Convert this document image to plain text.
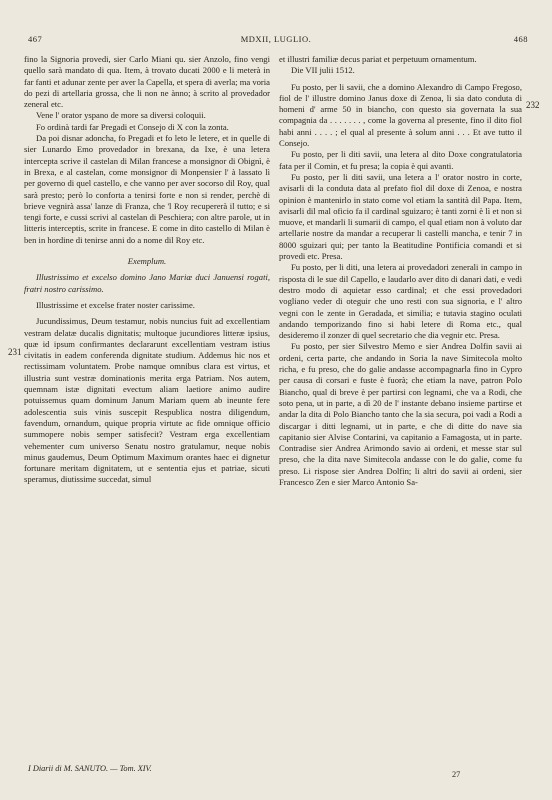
467	MDXII, LUGLIO.	468
231
232

fino la Signoria provedi, sier Carlo Miani qu. sier Anzolo, fino vengi quello sarà mandato di qua. Item, à trovato ducati 2000 e li meterà in far fanti et adunar zente per aver la Capella, et spera di averla; ma voria do pezi di artellaria grossa, che li non ne ànno; à scrito al provedador zeneral etc.

Vene l' orator yspano de more sa diversi coloquii.

Fo ordinà tardi far Pregadi et Consejo di X con la zonta.

Da poi disnar adoncha, fo Pregadi et fo leto le letere, et in quelle di sier Lunardo Emo provedador in brexana, da Ixe, è una letera intercepta scrive il castelan di Milan francese a monsignor di Obignì, è in Brexa, e al castelan, come monsignor di Monpensier l' à lassato lì per governo di quel castello, e che vanno per aver socorso dil Roy, qual sarà presto; però lo conforta a tenirsi forte e non si render, perchè di brieve vegnirà assa' lanze di Franza, che 'l Roy recupererà il tutto; e si tengi forte, e cussi scrivi al castelan di Peschiera; con altre parole, ut in litteris interceptis, scrite in francese. E come in dito castello di Milan è ben in hordine di tenirse anni do a nome dil Roy etc.

Exemplum.

Illustrissimo et excelso domino Jano Mariæ duci Januensi rogati, fratri nostro carissimo.

Illustrissime et excelse frater noster carissime.

Jucundissimus, Deum testamur, nobis nuncius fuit ad excellentiam vestram delatæ ducalis dignitatis; multoque jucundiores litteræ ipsius, quæ id ipsum confirmantes declararunt excellentiam vestram istius civitatis in eadem conferenda dignitate studium. Addemus hic nos et rectissimam voluntatem. Probe namque omnibus clara est virtus, et illustria sunt vestræ dominationis merita erga Patriam. Nos autem, quemnam istæ dignitati evectum aliam laetiore animo audire potuissemus quam dominum Janum Mariam quem ab ineunte fere adolescentia suis vinis suscepit Respublica nostra diligendum, favendum, ornandum, quique propria virtute ac fide omnique officio summopere nobis semper satisfecit? Vestram erga excellentiam vehementer cum universo Senatu nostro gratulamur, neque nobis minus gaudemus, Deum Optimum Maximum orantes haec ei dignetur fortunare meritam dignitatem, ut e sententia ejus et patriae, sicuti speramus, diutissime succedat, simul

et illustri familiæ decus pariat et perpetuum ornamentum.

Die VII julii 1512.

Fu posto, per li savii, che a domino Alexandro di Campo Fregoso, fiol de l' illustre domino Janus doxe di Zenoa, li sia dato conduta di homeni d' arme 50 in biancho, con questo sia governata la sua compagnia da . . . . . . . , come la governa al presente, fino il dito fiol habi anni . . . . ; el qual al presente à solum anni . . . Et ave tutto il Consejo.

Fu posto, per li diti savii, una letera al dito Doxe congratulatoria fata per il Comin, et fu presa; la copia è qui avanti.

Fu posto, per li diti savii, una letera a l' orator nostro in corte, avisarli di la conduta data al prefato fiol dil doxe di Zenoa, e nostra opinion è mantenirlo in stato come vol etiam la santità dil Papa. Item, avisarli dil mal oficio fa il cardinal sguizaro; è tanti zorni è lì et non si muove, et mandarli li sumarii di campo, el qual etiam non à voluto dar artellarie nostre da mandar a recuperar li castelli mancha, e tenir 7 in 8000 sguizari qui; per tanto la Beatitudine Pontificia comandi et si provedi etc. Presa.

Fu posto, per li diti, una letera ai provedadori zenerali in campo in risposta di le sue dil Capello, e laudarlo aver dito di danari dati, e vedi destro modo di aquietar esso cardinal; et che essi provedadori vogliano veder di oteguir che uno resti con sua signoria, e l' altro vegni con le zente in Geradada, et similia; e tutavia stagino oculati andando temporizando fino si habi letere di Roma etc., qual desideremo il zonzer di quel secretario che dia vegnir etc. Presa.

Fu posto, per sier Silvestro Memo e sier Andrea Dolfin savii ai ordeni, certa parte, che andando in Soria la nave Simitecola molto richa, e fu preso, che do galie andasse accompagnarla fino in Cypro per causa di corsari e fuste è fuorà; che etiam la nave, patron Polo Biancho, qual di breve è per partirsi con legnami, che va a Rodi, che soto pena, ut in parte, a dì 20 de l' instante debano insieme partirse et andar la dita di Polo Biancho tanto che la sia secura, poi vadi a Rodi a discargar i ditti legnami, ut in parte, e che di ditte do nave sia capitanio sier Alvise Contarini, va capitanio a Famagosta, ut in parte. Contradise sier Andrea Arimondo savio ai ordeni, et messe star sul preso, che la dita nave Simitecola andasse con le do galie, come fu preso. Li rispose sier Andrea Dolfin; li altri do savii ai ordeni, sier Francesco Zen e sier Marco Antonio Sa-

I Diarii di M. SANUTO. — Tom. XIV.
27
